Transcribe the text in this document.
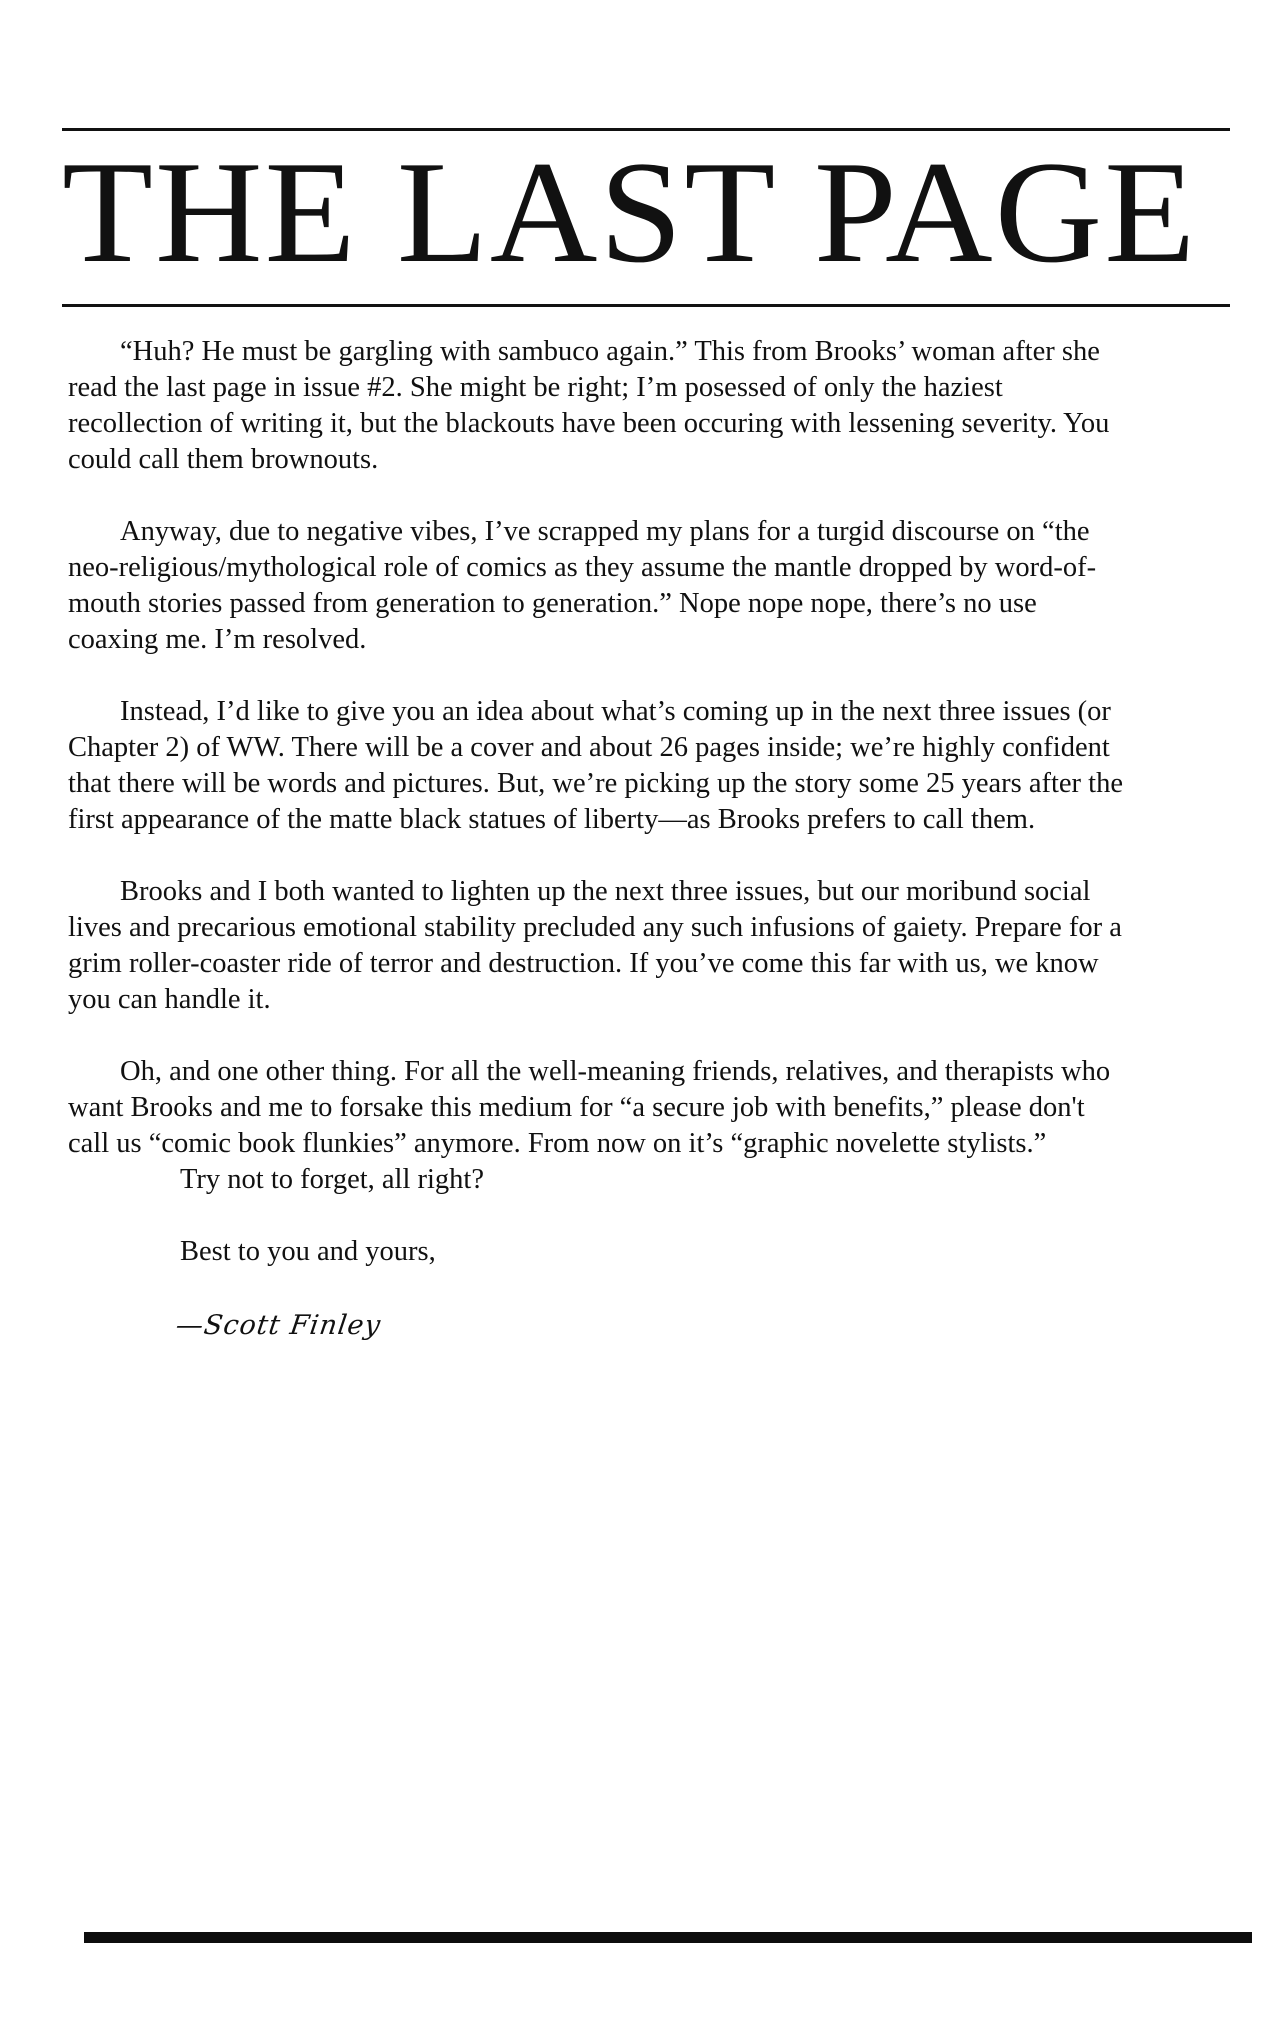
THE LAST PAGE

“Huh? He must be gargling with sambuco again.” This from Brooks’ woman after she read the last page in issue #2. She might be right; I’m posessed of only the haziest recollection of writing it, but the blackouts have been occuring with lessening severity. You could call them brownouts.

Anyway, due to negative vibes, I’ve scrapped my plans for a turgid discourse on “the neo-religious/mythological role of comics as they assume the mantle dropped by word-of-mouth stories passed from generation to generation.” Nope nope nope, there’s no use coaxing me. I’m resolved.

Instead, I’d like to give you an idea about what’s coming up in the next three issues (or Chapter 2) of WW. There will be a cover and about 26 pages inside; we’re highly confident that there will be words and pictures. But, we’re picking up the story some 25 years after the first appearance of the matte black statues of liberty—as Brooks prefers to call them.

Brooks and I both wanted to lighten up the next three issues, but our moribund social lives and precarious emotional stability precluded any such infusions of gaiety. Prepare for a grim roller-coaster ride of terror and destruction. If you’ve come this far with us, we know you can handle it.

Oh, and one other thing. For all the well-meaning friends, relatives, and therapists who want Brooks and me to forsake this medium for “a secure job with benefits,” please don't call us “comic book flunkies” anymore. From now on it’s “graphic novelette stylists.”

Try not to forget, all right?

Best to you and yours,

—Scott Finley
